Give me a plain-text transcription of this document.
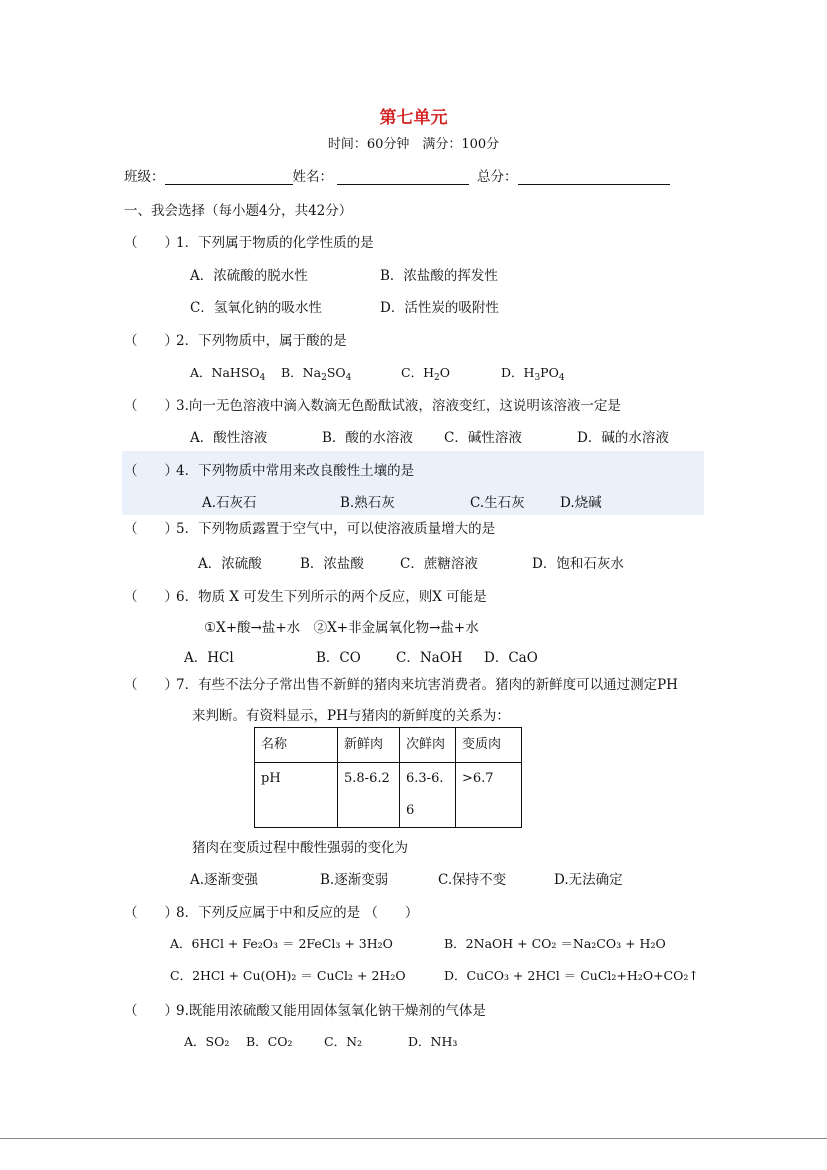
第七单元
时间：60分钟　满分：100分
班级：	姓名：	总分：
一、我会选择（每小题4分，共42分）
（　　）
1．下列属于物质的化学性质的是
A．浓硫酸的脱水性	B．浓盐酸的挥发性
C．氢氧化钠的吸水性	D．活性炭的吸附性
（　　）
2．下列物质中，属于酸的是
A．NaHSO$_4$ B．$Na_2SO_4$	C．$H_2O$	D．$H_3PO_4$
（　　）
3.向一无色溶液中滴入数滴无色酚酞试液，溶液变红，这说明该溶液一定是
A．酸性溶液	B．酸的水溶液 C．碱性溶液	D．碱的水溶液
（　　）
4．下列物质中常用来改良酸性土壤的是
A.石灰石	B.熟石灰	C.生石灰	D.烧碱
（　　）
5．下列物质露置于空气中，可以使溶液质量增大的是
A．浓硫酸	B．浓盐酸	C．蔗糖溶液	D．饱和石灰水
（　　）
6．物质 X 可发生下列所示的两个反应，则X 可能是
①X+酸→盐+水　②X+非金属氧化物→盐+水
A．HCl	B．CO	C．NaOH D．CaO
（　　）
7．有些不法分子常出售不新鲜的猪肉来坑害消费者。猪肉的新鲜度可以通过测定PH
来判断。有资料显示，PH与猪肉的新鲜度的关系为：
名称	新鲜肉	次鲜肉	变质肉
pH	5.8-6.2	6.3-6.6	>6.7
猪肉在变质过程中酸性强弱的变化为
A.逐渐变强	B.逐渐变弱	C.保持不变	D.无法确定
（　　）
8．下列反应属于中和反应的是 （　　）
A．6HCl + Fe₂O₃ ＝ 2FeCl₃ + 3H₂O	B．2NaOH + CO₂ ＝Na₂CO₃ + H₂O
C．2HCl + Cu(OH)₂ ＝ CuCl₂ + 2H₂O	D．CuCO₃ + 2HCl ＝ CuCl₂+H₂O+CO₂↑
（　　）
9.既能用浓硫酸又能用固体氢氧化钠干燥剂的气体是
A．SO₂ B．CO₂	C．N₂	D．NH₃
